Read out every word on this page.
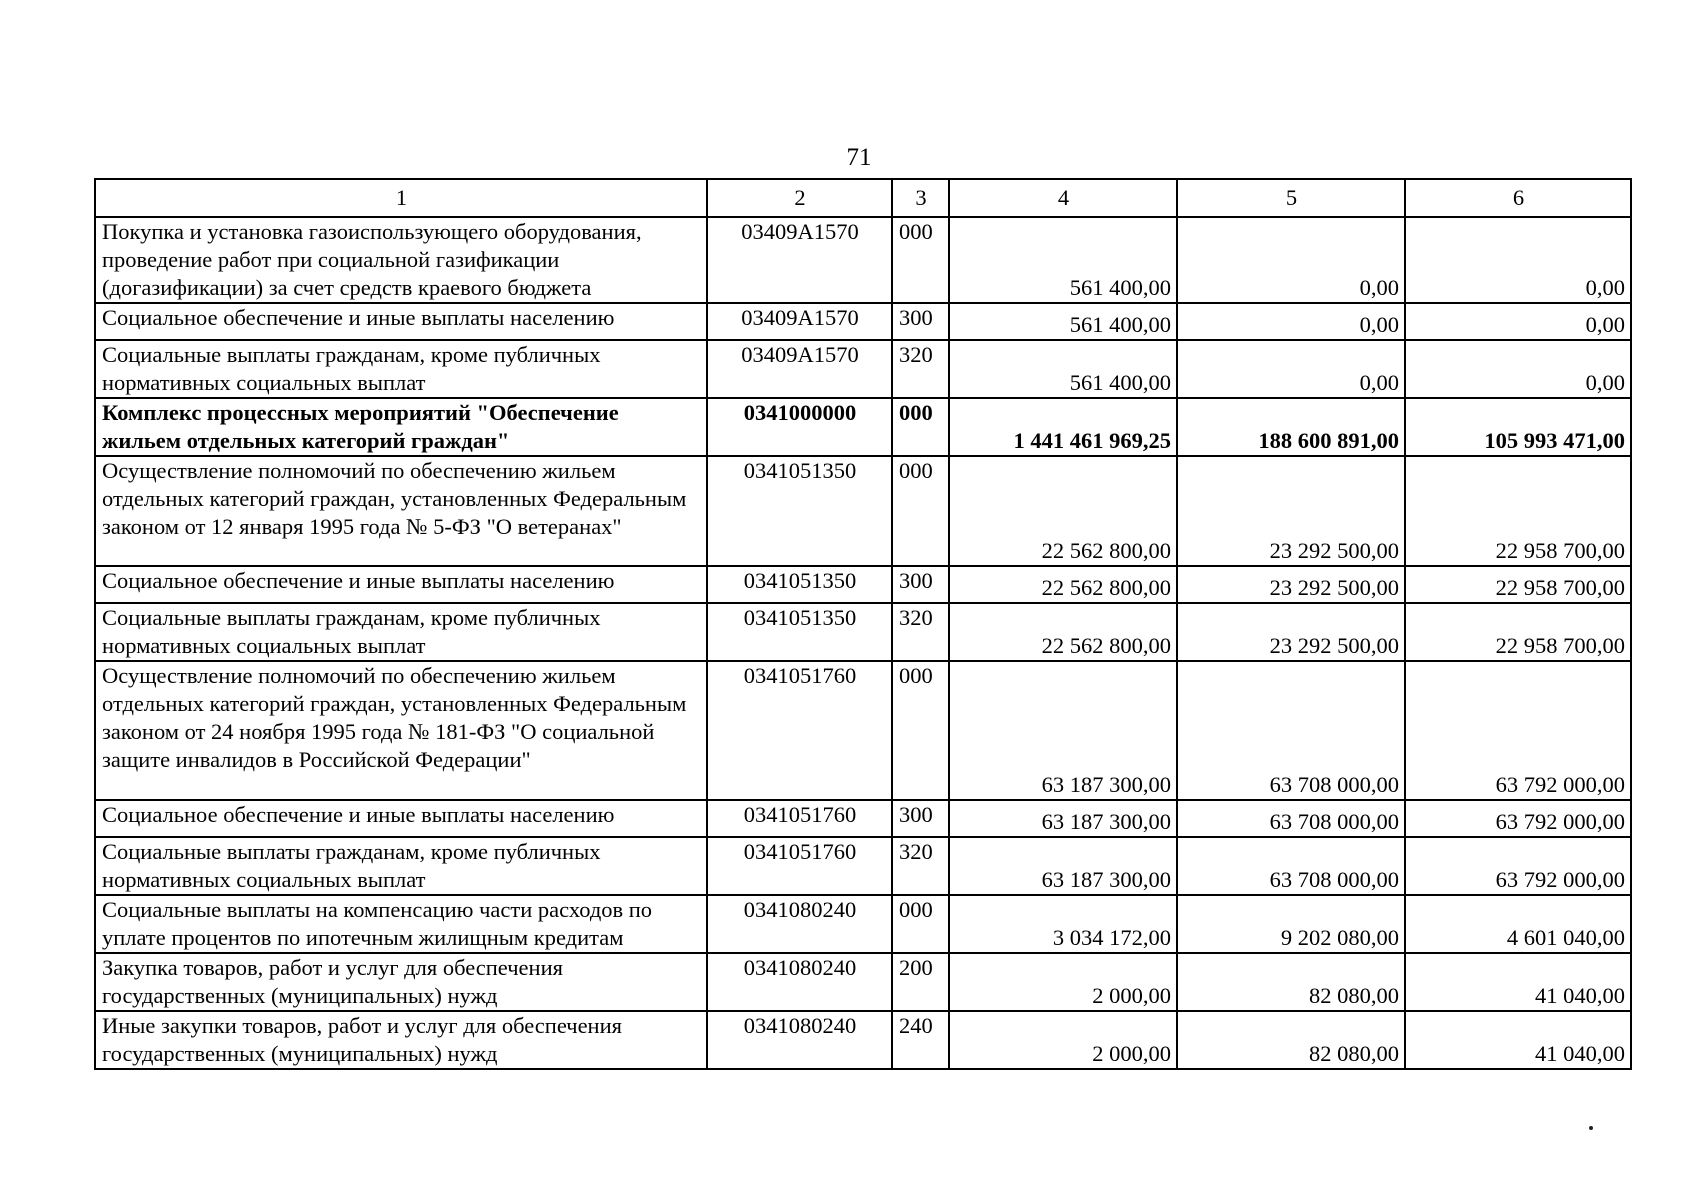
71
1	2	3	4	5	6
Покупка и установка газоиспользующего оборудования, проведение работ при социальной газификации (догазификации) за счет средств краевого бюджета	03409A1570	000	561 400,00	0,00	0,00
Социальное обеспечение и иные выплаты населению	03409A1570	300	561 400,00	0,00	0,00
Социальные выплаты гражданам, кроме публичных нормативных социальных выплат	03409A1570	320	561 400,00	0,00	0,00
Комплекс процессных мероприятий "Обеспечение жильем отдельных категорий граждан"	0341000000	000	1 441 461 969,25	188 600 891,00	105 993 471,00
Осуществление полномочий по обеспечению жильем отдельных категорий граждан, установленных Федеральным законом от 12 января 1995 года № 5-ФЗ "О ветеранах"	0341051350	000	22 562 800,00	23 292 500,00	22 958 700,00
Социальное обеспечение и иные выплаты населению	0341051350	300	22 562 800,00	23 292 500,00	22 958 700,00
Социальные выплаты гражданам, кроме публичных нормативных социальных выплат	0341051350	320	22 562 800,00	23 292 500,00	22 958 700,00
Осуществление полномочий по обеспечению жильем отдельных категорий граждан, установленных Федеральным законом от 24 ноября 1995 года № 181-ФЗ "О социальной защите инвалидов в Российской Федерации"	0341051760	000	63 187 300,00	63 708 000,00	63 792 000,00
Социальное обеспечение и иные выплаты населению	0341051760	300	63 187 300,00	63 708 000,00	63 792 000,00
Социальные выплаты гражданам, кроме публичных нормативных социальных выплат	0341051760	320	63 187 300,00	63 708 000,00	63 792 000,00
Социальные выплаты на компенсацию части расходов по уплате процентов по ипотечным жилищным кредитам	0341080240	000	3 034 172,00	9 202 080,00	4 601 040,00
Закупка товаров, работ и услуг для обеспечения государственных (муниципальных) нужд	0341080240	200	2 000,00	82 080,00	41 040,00
Иные закупки товаров, работ и услуг для обеспечения государственных (муниципальных) нужд	0341080240	240	2 000,00	82 080,00	41 040,00
